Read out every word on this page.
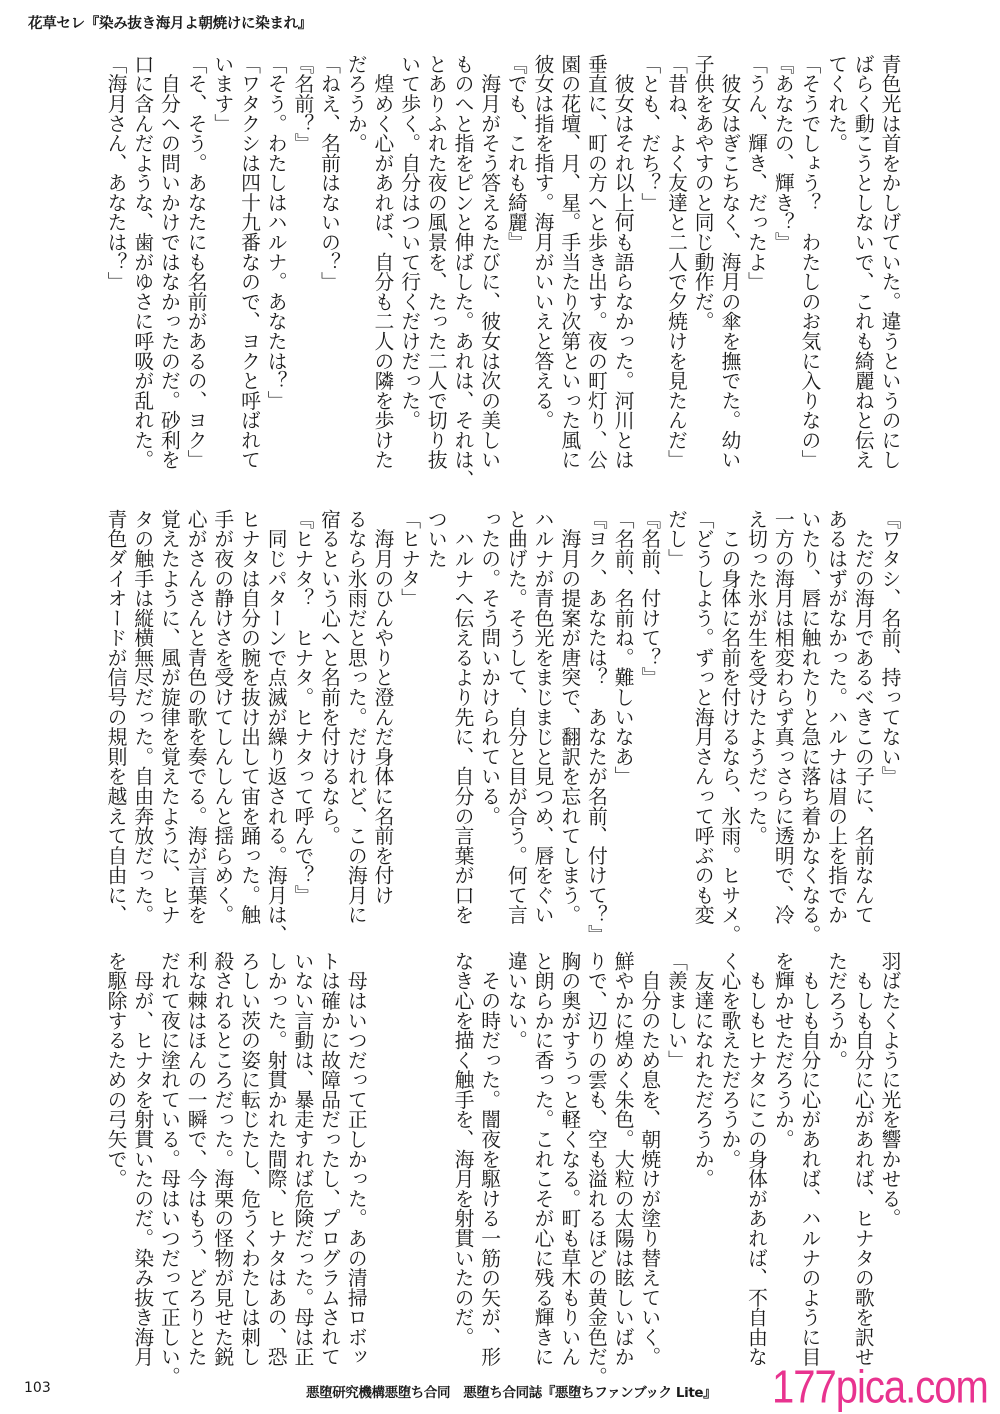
花草セレ『染み抜き海月よ朝焼けに染まれ』
青色光は首をかしげていた。違うというのにし
ばらく動こうとしないで、これも綺麗ねと伝え
てくれた。
「そうでしょう？　わたしのお気に入りなの」
『あなたの、輝き？』
「うん、輝き、だったよ」
　彼女はぎこちなく、海月の傘を撫でた。幼い
子供をあやすのと同じ動作だ。
「昔ね、よく友達と二人で夕焼けを見たんだ」
「とも、だち？」
　彼女はそれ以上何も語らなかった。河川とは
垂直に、町の方へと歩き出す。夜の町灯り、公
園の花壇、月、星。手当たり次第といった風に
彼女は指を指す。海月がいいえと答える。
『でも、これも綺麗』
　海月がそう答えるたびに、彼女は次の美しい
ものへと指をピンと伸ばした。あれは、それは、
とありふれた夜の風景を、たった二人で切り抜
いて歩く。自分はついて行くだけだった。
　煌めく心があれば、自分も二人の隣を歩けた
だろうか。
「ねえ、名前はないの？」
『名前？』
「そう。わたしはハルナ。あなたは？」
「ワタクシは四十九番なので、ヨクと呼ばれて
います」
「そ、そう。あなたにも名前があるの、ヨク」
　自分への問いかけではなかったのだ。砂利を
口に含んだような、歯がゆさに呼吸が乱れた。
「海月さん、あなたは？」
『ワタシ、名前、持ってない』
　ただの海月であるべきこの子に、名前なんて
あるはずがなかった。ハルナは眉の上を指でか
いたり、唇に触れたりと急に落ち着かなくなる。
一方の海月は相変わらず真っさらに透明で、冷
え切った氷が生を受けたようだった。
　この身体に名前を付けるなら、氷雨。ヒサメ。
「どうしよう。ずっと海月さんって呼ぶのも変
だし」
『名前、付けて？』
「名前、名前ね。難しいなあ」
『ヨク、あなたは？　あなたが名前、付けて？』
　海月の提案が唐突で、翻訳を忘れてしまう。
ハルナが青色光をまじまじと見つめ、唇をぐい
と曲げた。そうして、自分と目が合う。何て言
ったの。そう問いかけられている。
　ハルナへ伝えるより先に、自分の言葉が口を
ついた
「ヒナタ」
　海月のひんやりと澄んだ身体に名前を付け
るなら氷雨だと思った。だけれど、この海月に
宿るという心へと名前を付けるなら。
『ヒナタ？　ヒナタ。ヒナタって呼んで？』
　同じパターンで点滅が繰り返される。海月は、
ヒナタは自分の腕を抜け出して宙を踊った。触
手が夜の静けさを受けてしんしんと揺らめく。
心がさんさんと青色の歌を奏でる。海が言葉を
覚えたように、風が旋律を覚えたように、ヒナ
タの触手は縦横無尽だった。自由奔放だった。
青色ダイオードが信号の規則を越えて自由に、
羽ばたくように光を響かせる。
　もしも自分に心があれば、ヒナタの歌を訳せ
ただろうか。
　もしも自分に心があれば、ハルナのように目
を輝かせただろうか。
　もしもヒナタにこの身体があれば、不自由な
く心を歌えただろうか。
　友達になれただろうか。
「羨ましい」
　自分のため息を、朝焼けが塗り替えていく。
鮮やかに煌めく朱色。大粒の太陽は眩しいばか
りで、辺りの雲も、空も溢れるほどの黄金色だ。
胸の奥がすうっと軽くなる。町も草木もりいん
と朗らかに香った。これこそが心に残る輝きに
違いない。
　その時だった。闇夜を駆ける一筋の矢が、形
なき心を描く触手を、海月を射貫いたのだ。
　母はいつだって正しかった。あの清掃ロボッ
トは確かに故障品だったし、プログラムされて
いない言動は、暴走すれば危険だった。母は正
しかった。射貫かれた間際、ヒナタはあの、恐
ろしい茨の姿に転じたし、危うくわたしは刺し
殺されるところだった。海栗の怪物が見せた鋭
利な棘はほんの一瞬で、今はもう、どろりとた
だれて夜に塗れている。母はいつだって正しい。
　母が、ヒナタを射貫いたのだ。染み抜き海月
を駆除するための弓矢で。
103	悪堕研究機構悪堕ち合同　悪堕ち合同誌『悪堕ちファンブック Lite』 177pica.com
